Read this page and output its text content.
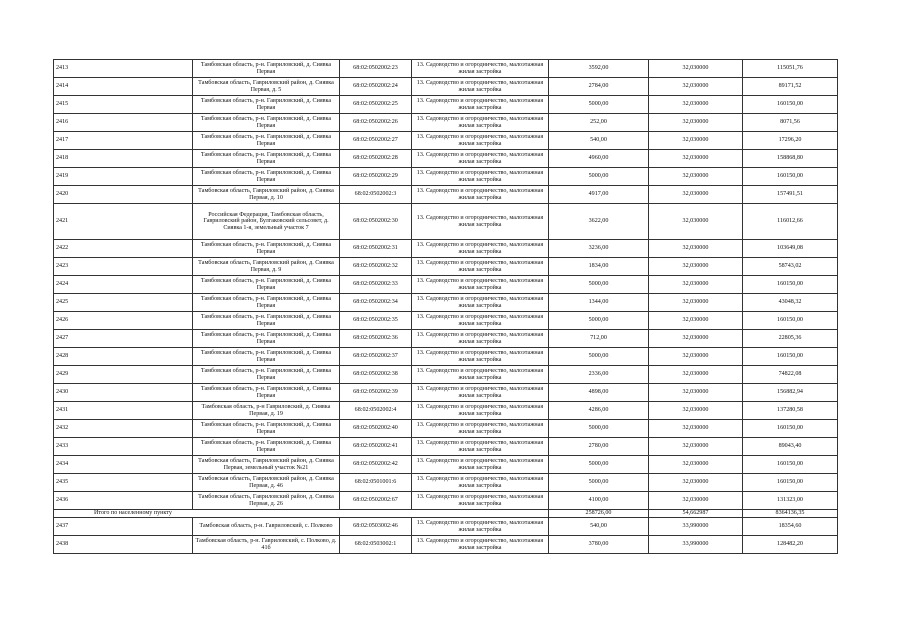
2413	Тамбовская область, р-н. Гавриловский, д. Сиявка Первая	68:02:0502002:23	13. Садоводство и огородничество, малоэтажная жилая застройка	3592,00	32,030000	115051,76
2414	Тамбовская область, Гавриловский район, д. Сиявка Первая, д. 5	68:02:0502002:24	13. Садоводство и огородничество, малоэтажная жилая застройка	2784,00	32,030000	89171,52
2415	Тамбовская область, р-н. Гавриловский, д. Сиявка Первая	68:02:0502002:25	13. Садоводство и огородничество, малоэтажная жилая застройка	5000,00	32,030000	160150,00
2416	Тамбовская область, р-н. Гавриловский, д. Сиявка Первая	68:02:0502002:26	13. Садоводство и огородничество, малоэтажная жилая застройка	252,00	32,030000	8071,56
2417	Тамбовская область, р-н. Гавриловский, д. Сиявка Первая	68:02:0502002:27	13. Садоводство и огородничество, малоэтажная жилая застройка	540,00	32,030000	17296,20
2418	Тамбовская область, р-н. Гавриловский, д. Сиявка Первая	68:02:0502002:28	13. Садоводство и огородничество, малоэтажная жилая застройка	4960,00	32,030000	158868,80
2419	Тамбовская область, р-н. Гавриловский, д. Сиявка Первая	68:02:0502002:29	13. Садоводство и огородничество, малоэтажная жилая застройка	5000,00	32,030000	160150,00
2420	Тамбовская область, Гавриловский район, д. Сиявка Первая, д. 10	68:02:0502002:3	13. Садоводство и огородничество, малоэтажная жилая застройка	4917,00	32,030000	157491,51
2421	Российская Федерация, Тамбовская область, Гавриловский район, Булгаковский сельсовет, д. Сиявка 1-я, земельный участок 7	68:02:0502002:30	13. Садоводство и огородничество, малоэтажная жилая застройка	3622,00	32,030000	116012,66
2422	Тамбовская область, р-н. Гавриловский, д. Сиявка Первая	68:02:0502002:31	13. Садоводство и огородничество, малоэтажная жилая застройка	3236,00	32,030000	103649,08
2423	Тамбовская область, Гавриловский район, д. Сиявка Первая, д. 9	68:02:0502002:32	13. Садоводство и огородничество, малоэтажная жилая застройка	1834,00	32,030000	58743,02
2424	Тамбовская область, р-н. Гавриловский, д. Сиявка Первая	68:02:0502002:33	13. Садоводство и огородничество, малоэтажная жилая застройка	5000,00	32,030000	160150,00
2425	Тамбовская область, р-н. Гавриловский, д. Сиявка Первая	68:02:0502002:34	13. Садоводство и огородничество, малоэтажная жилая застройка	1344,00	32,030000	43048,32
2426	Тамбовская область, р-н. Гавриловский, д. Сиявка Первая	68:02:0502002:35	13. Садоводство и огородничество, малоэтажная жилая застройка	5000,00	32,030000	160150,00
2427	Тамбовская область, р-н. Гавриловский, д. Сиявка Первая	68:02:0502002:36	13. Садоводство и огородничество, малоэтажная жилая застройка	712,00	32,030000	22805,36
2428	Тамбовская область, р-н. Гавриловский, д. Сиявка Первая	68:02:0502002:37	13. Садоводство и огородничество, малоэтажная жилая застройка	5000,00	32,030000	160150,00
2429	Тамбовская область, р-н. Гавриловский, д. Сиявка Первая	68:02:0502002:38	13. Садоводство и огородничество, малоэтажная жилая застройка	2336,00	32,030000	74822,08
2430	Тамбовская область, р-н. Гавриловский, д. Сиявка Первая	68:02:0502002:39	13. Садоводство и огородничество, малоэтажная жилая застройка	4898,00	32,030000	156882,94
2431	Тамбовская область, р-н Гавриловский, д. Сиявка Первая, д. 19	68:02:0502002:4	13. Садоводство и огородничество, малоэтажная жилая застройка	4286,00	32,030000	137280,58
2432	Тамбовская область, р-н. Гавриловский, д. Сиявка Первая	68:02:0502002:40	13. Садоводство и огородничество, малоэтажная жилая застройка	5000,00	32,030000	160150,00
2433	Тамбовская область, р-н. Гавриловский, д. Сиявка Первая	68:02:0502002:41	13. Садоводство и огородничество, малоэтажная жилая застройка	2780,00	32,030000	89043,40
2434	Тамбовская область, Гавриловский район, д. Сиявка Первая, земельный участок №21	68:02:0502002:42	13. Садоводство и огородничество, малоэтажная жилая застройка	5000,00	32,030000	160150,00
2435	Тамбовская область, Гавриловский район, д. Сиявка Первая, д. 46	68:02:0501001:6	13. Садоводство и огородничество, малоэтажная жилая застройка	5000,00	32,030000	160150,00
2436	Тамбовская область, Гавриловский район, д. Сиявка Первая, д. 26	68:02:0502002:67	13. Садоводство и огородничество, малоэтажная жилая застройка	4100,00	32,030000	131323,00
Итого по населенному пункту				258726,00	54,662987	8364136,35
2437	Тамбовская область, р-н. Гавриловский, с. Полково	68:02:0503002:46	13. Садоводство и огородничество, малоэтажная жилая застройка	540,00	33,990000	18354,60
2438	Тамбовская область, р-н. Гавриловский, с. Полково, д. 41б	68:02:0503002:1	13. Садоводство и огородничество, малоэтажная жилая застройка	3780,00	33,990000	128482,20
